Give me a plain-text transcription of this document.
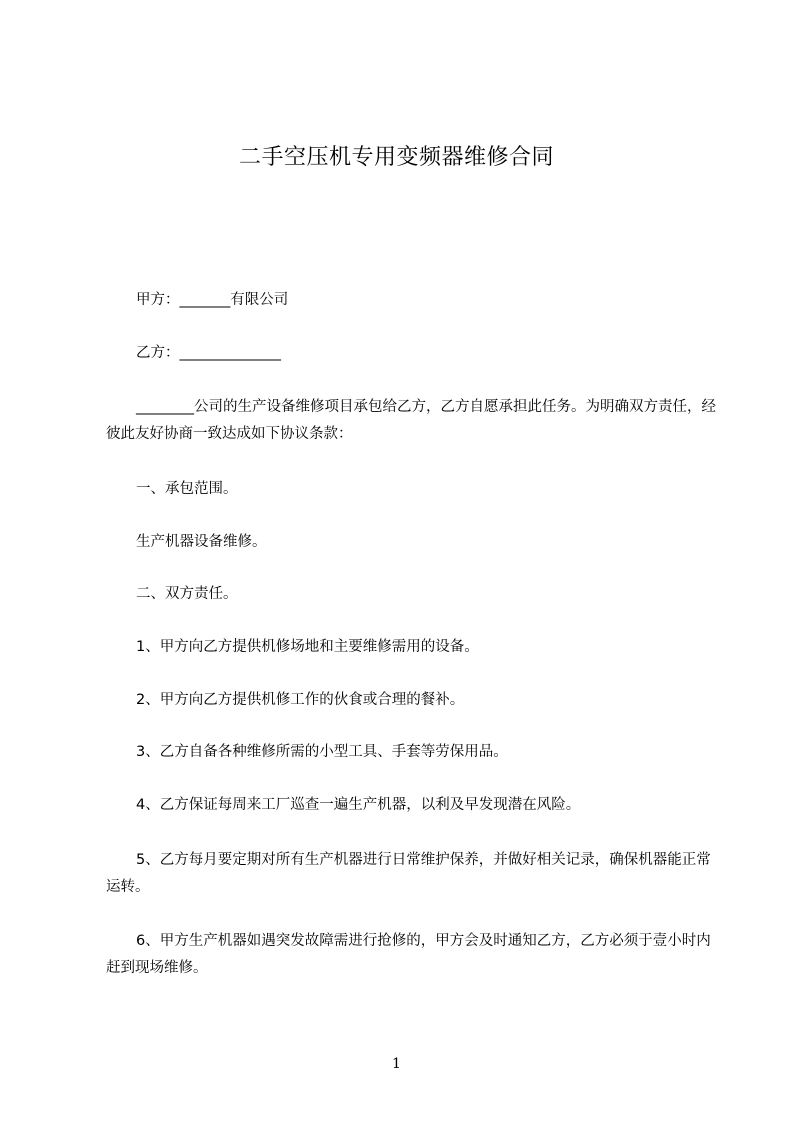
二手空压机专用变频器维修合同

甲方：_______有限公司

乙方：______________

________公司的生产设备维修项目承包给乙方，乙方自愿承担此任务。为明确双方责任，经彼此友好协商一致达成如下协议条款：

一、承包范围。

生产机器设备维修。

二、双方责任。

1、甲方向乙方提供机修场地和主要维修需用的设备。

2、甲方向乙方提供机修工作的伙食或合理的餐补。

3、乙方自备各种维修所需的小型工具、手套等劳保用品。

4、乙方保证每周来工厂巡查一遍生产机器，以利及早发现潜在风险。

5、乙方每月要定期对所有生产机器进行日常维护保养，并做好相关记录，确保机器能正常运转。

6、甲方生产机器如遇突发故障需进行抢修的，甲方会及时通知乙方，乙方必须于壹小时内赶到现场维修。

1
